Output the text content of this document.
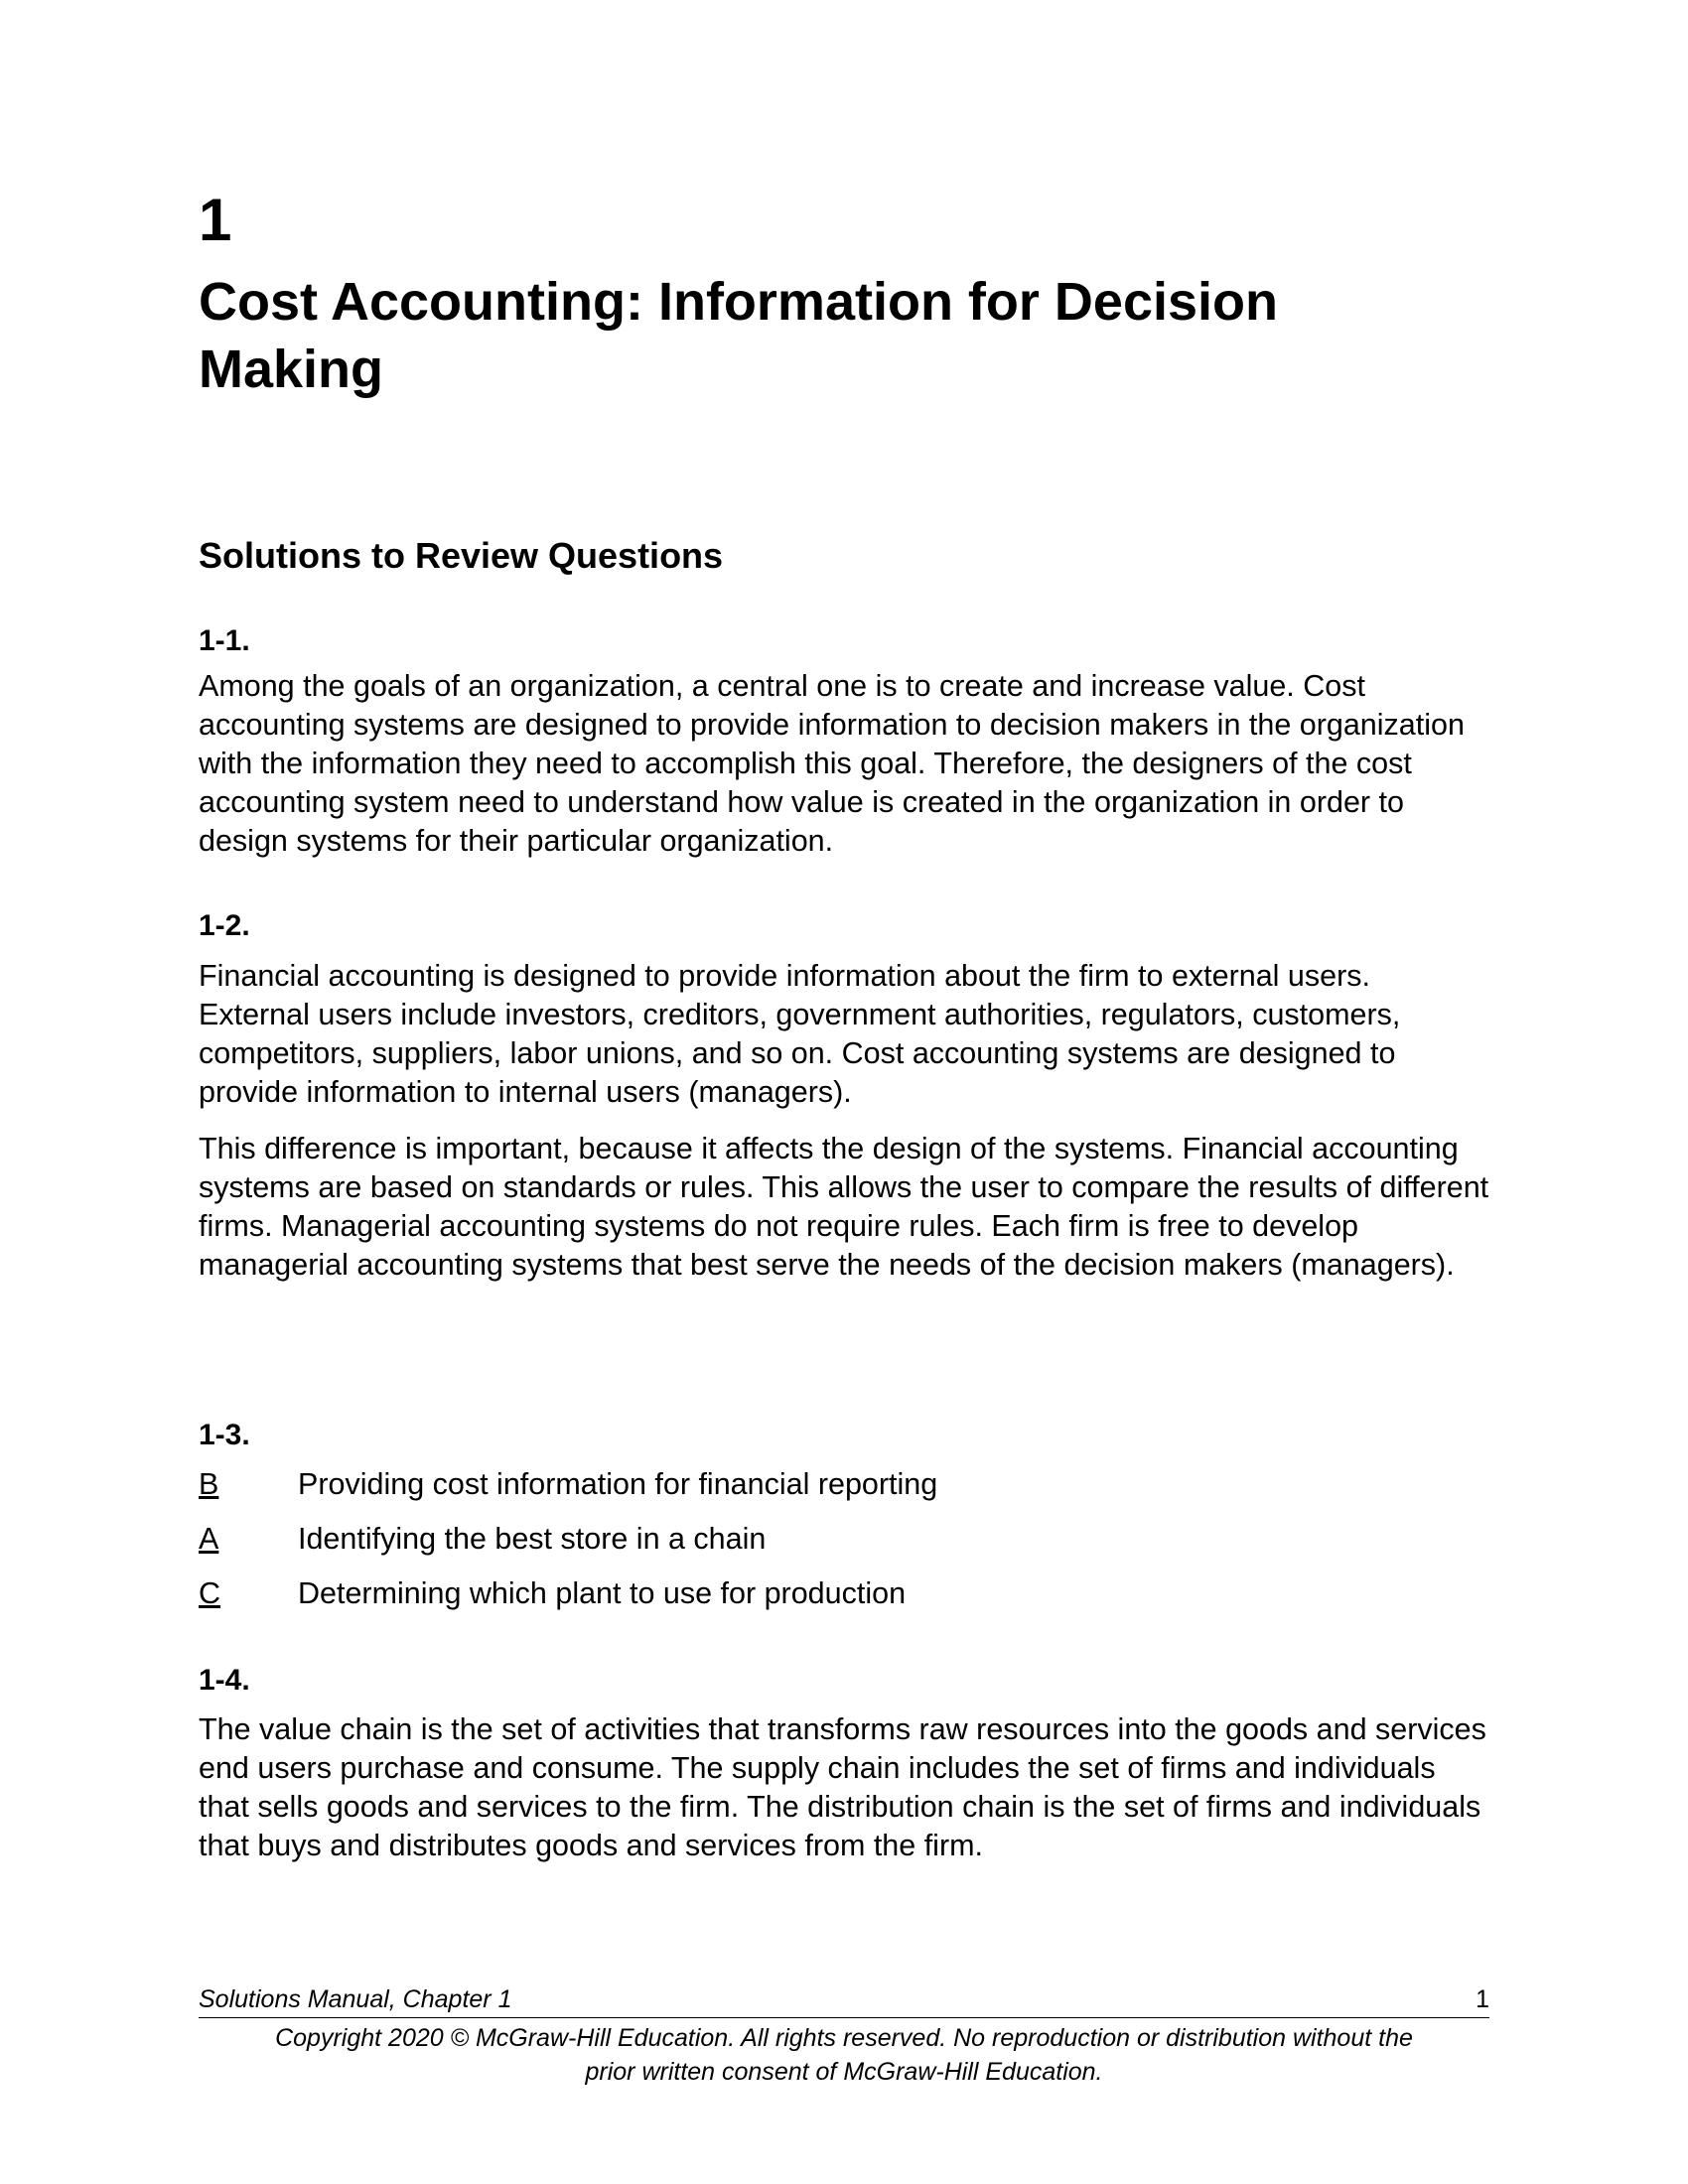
1
Cost Accounting: Information for Decision Making
Solutions to Review Questions
1-1.

Among the goals of an organization, a central one is to create and increase value. Cost accounting systems are designed to provide information to decision makers in the organization with the information they need to accomplish this goal. Therefore, the designers of the cost accounting system need to understand how value is created in the organization in order to design systems for their particular organization.

1-2.

Financial accounting is designed to provide information about the firm to external users. External users include investors, creditors, government authorities, regulators, customers, competitors, suppliers, labor unions, and so on. Cost accounting systems are designed to provide information to internal users (managers).

This difference is important, because it affects the design of the systems. Financial accounting systems are based on standards or rules. This allows the user to compare the results of different firms. Managerial accounting systems do not require rules. Each firm is free to develop managerial accounting systems that best serve the needs of the decision makers (managers).

1-3.
B	Providing cost information for financial reporting
A	Identifying the best store in a chain
C	Determining which plant to use for production
1-4.

The value chain is the set of activities that transforms raw resources into the goods and services end users purchase and consume. The supply chain includes the set of firms and individuals that sells goods and services to the firm. The distribution chain is the set of firms and individuals that buys and distributes goods and services from the firm.

Solutions Manual, Chapter 1	1
Copyright 2020 © McGraw-Hill Education. All rights reserved. No reproduction or distribution without the
prior written consent of McGraw-Hill Education.
